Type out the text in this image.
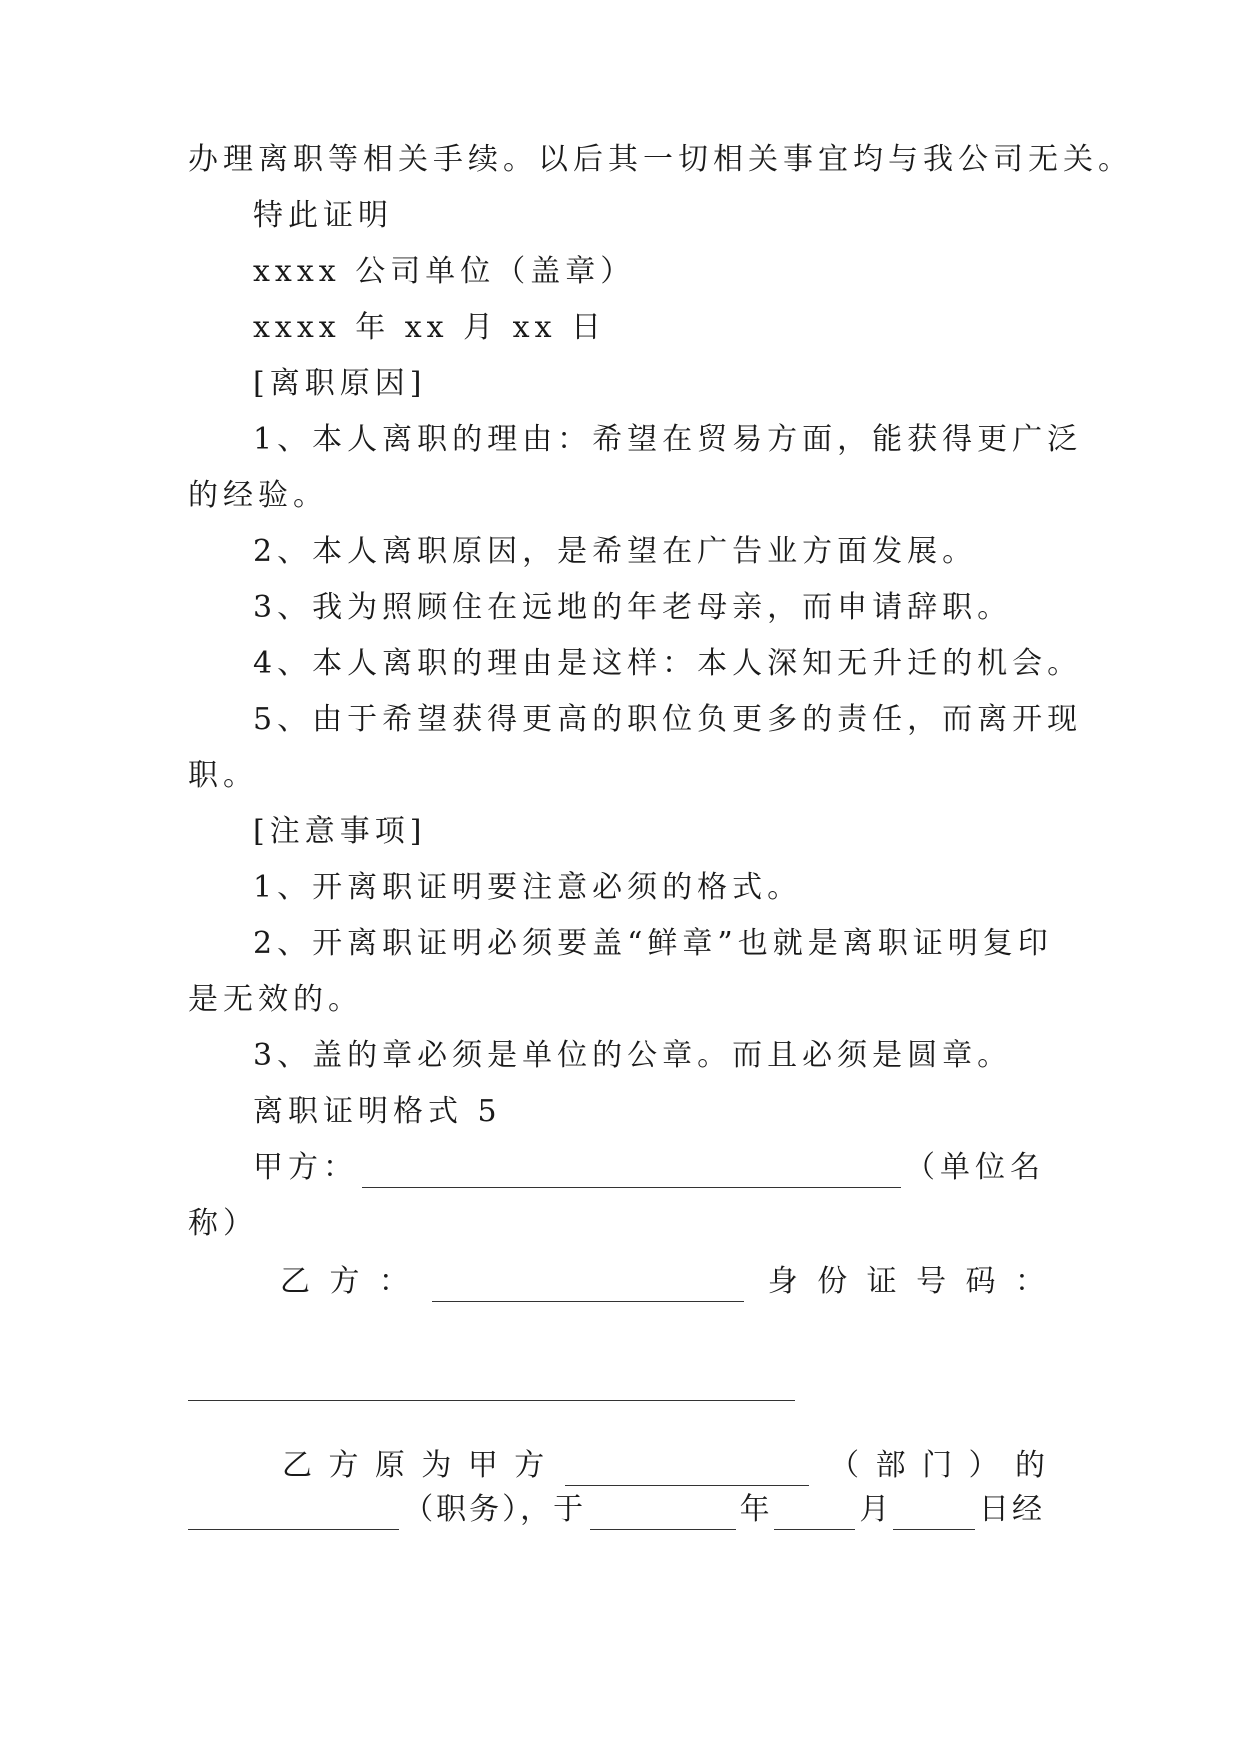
办理离职等相关手续。以后其一切相关事宜均与我公司无关。
特此证明
xxxx 公司单位（盖章）
xxxx 年 xx 月 xx 日
[离职原因]
1、本人离职的理由：希望在贸易方面，能获得更广泛
的经验。
2、本人离职原因，是希望在广告业方面发展。
3、我为照顾住在远地的年老母亲，而申请辞职。
4、本人离职的理由是这样：本人深知无升迁的机会。
5、由于希望获得更高的职位负更多的责任，而离开现
职。
[注意事项]
1、开离职证明要注意必须的格式。
2、开离职证明必须要盖“鲜章”也就是离职证明复印
是无效的。
3、盖的章必须是单位的公章。而且必须是圆章。
离职证明格式 5
甲方：	（单位名
称）
乙 方 ：	身 份 证 号 码 ：
乙 方 原 为 甲 方	（ 部 门 ） 的
（职务），于	年	月	日经
